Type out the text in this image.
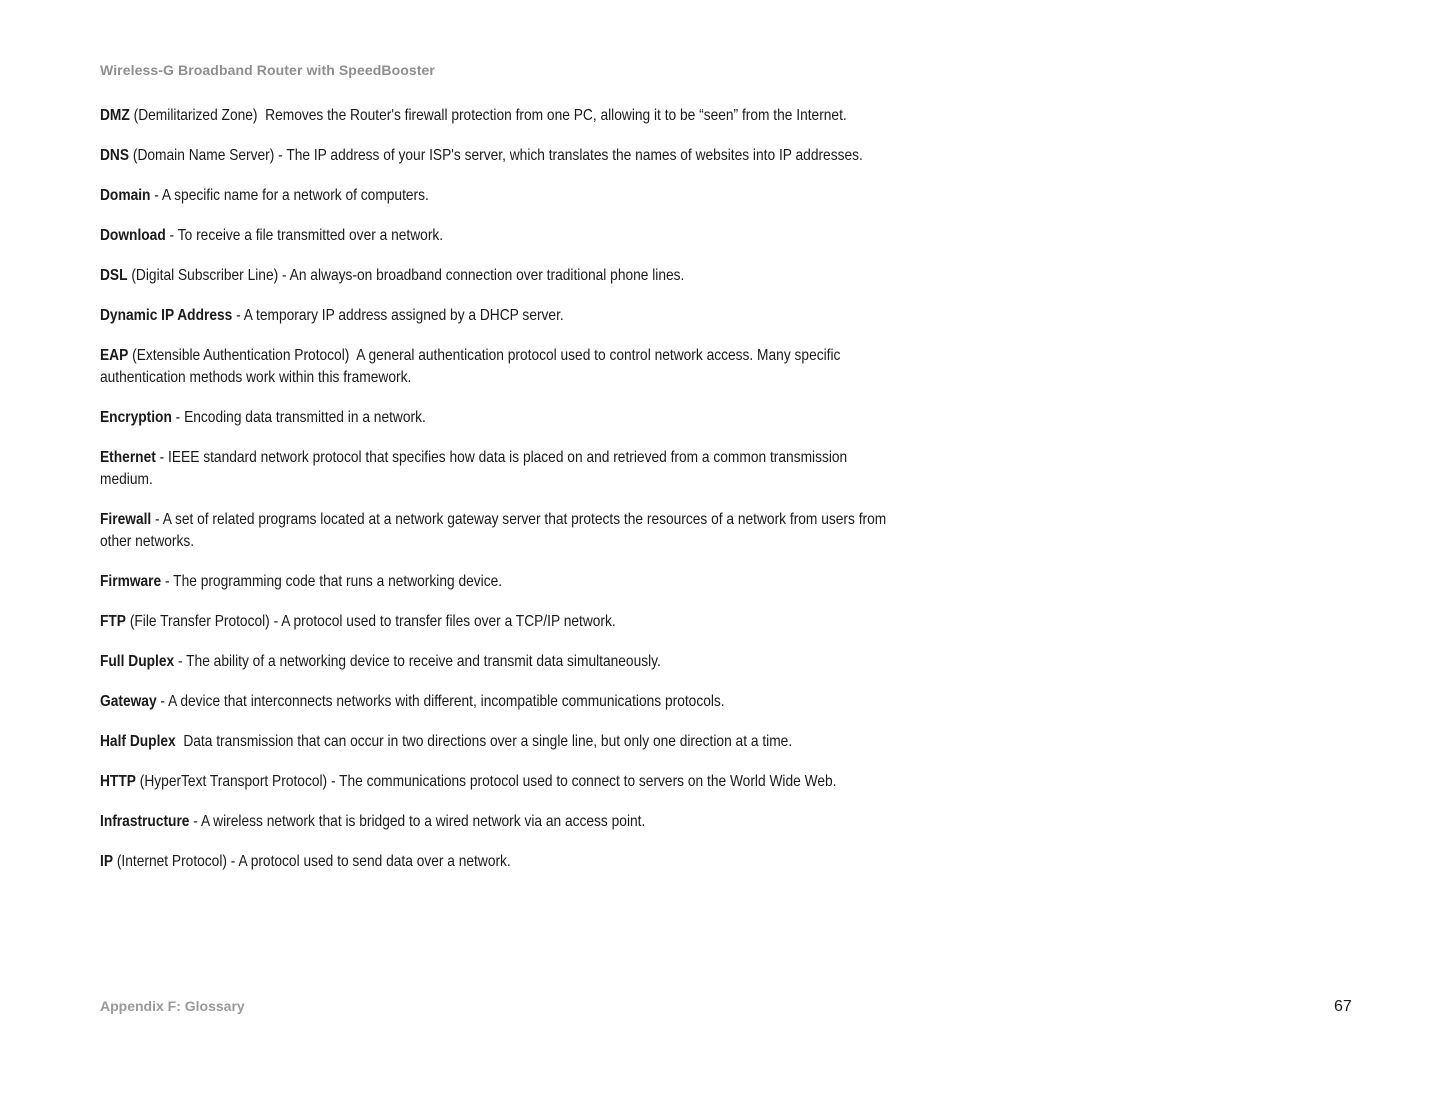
Wireless-G Broadband Router with SpeedBooster

DMZ (Demilitarized Zone) Removes the Router's firewall protection from one PC, allowing it to be “seen” from the Internet.

DNS (Domain Name Server) - The IP address of your ISP's server, which translates the names of websites into IP addresses.

Domain - A specific name for a network of computers.

Download - To receive a file transmitted over a network.

DSL (Digital Subscriber Line) - An always-on broadband connection over traditional phone lines.

Dynamic IP Address - A temporary IP address assigned by a DHCP server.

EAP (Extensible Authentication Protocol) A general authentication protocol used to control network access. Many specific authentication methods work within this framework.

Encryption - Encoding data transmitted in a network.

Ethernet - IEEE standard network protocol that specifies how data is placed on and retrieved from a common transmission medium.

Firewall - A set of related programs located at a network gateway server that protects the resources of a network from users from other networks.

Firmware - The programming code that runs a networking device.

FTP (File Transfer Protocol) - A protocol used to transfer files over a TCP/IP network.

Full Duplex - The ability of a networking device to receive and transmit data simultaneously.

Gateway - A device that interconnects networks with different, incompatible communications protocols.

Half Duplex Data transmission that can occur in two directions over a single line, but only one direction at a time.

HTTP (HyperText Transport Protocol) - The communications protocol used to connect to servers on the World Wide Web.

Infrastructure - A wireless network that is bridged to a wired network via an access point.

IP (Internet Protocol) - A protocol used to send data over a network.

Appendix F: Glossary	67
